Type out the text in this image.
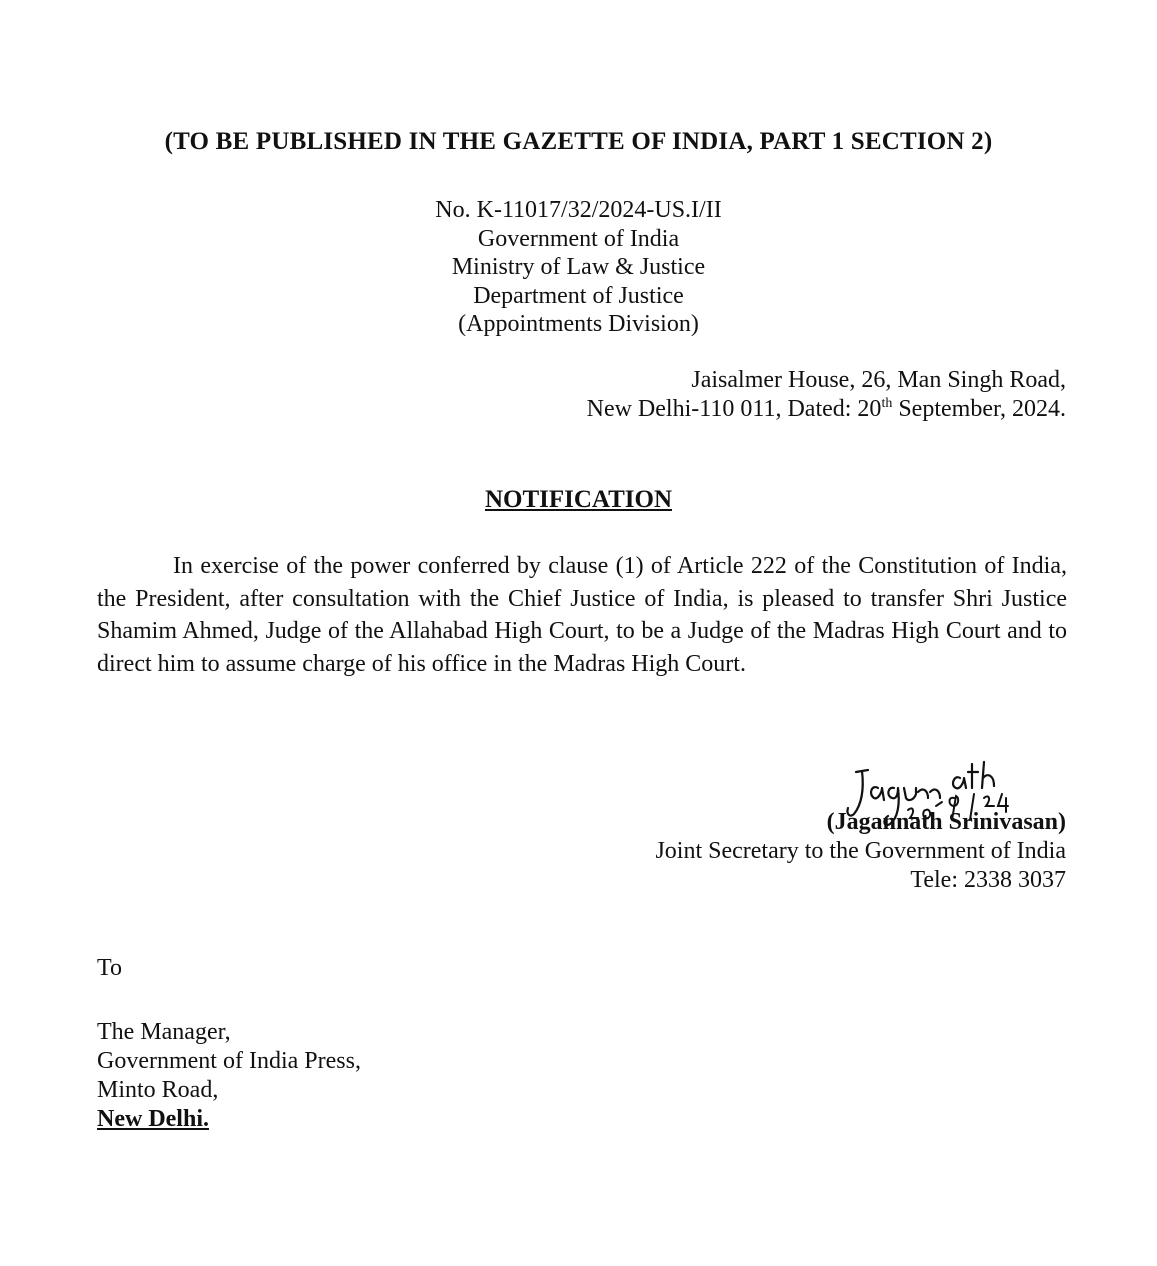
(TO BE PUBLISHED IN THE GAZETTE OF INDIA, PART 1 SECTION 2)
No. K-11017/32/2024-US.I/II
Government of India
Ministry of Law & Justice
Department of Justice
(Appointments Division)
Jaisalmer House, 26, Man Singh Road,
New Delhi-110 011, Dated: 20th September, 2024.
NOTIFICATION
In exercise of the power conferred by clause (1) of Article 222 of the Constitution of India, the President, after consultation with the Chief Justice of India, is pleased to transfer Shri Justice Shamim Ahmed, Judge of the Allahabad High Court, to be a Judge of the Madras High Court and to direct him to assume charge of his office in the Madras High Court.
(Jagannath Srinivasan)
Joint Secretary to the Government of India
Tele: 2338 3037
To
The Manager,
Government of India Press,
Minto Road,
New Delhi.
